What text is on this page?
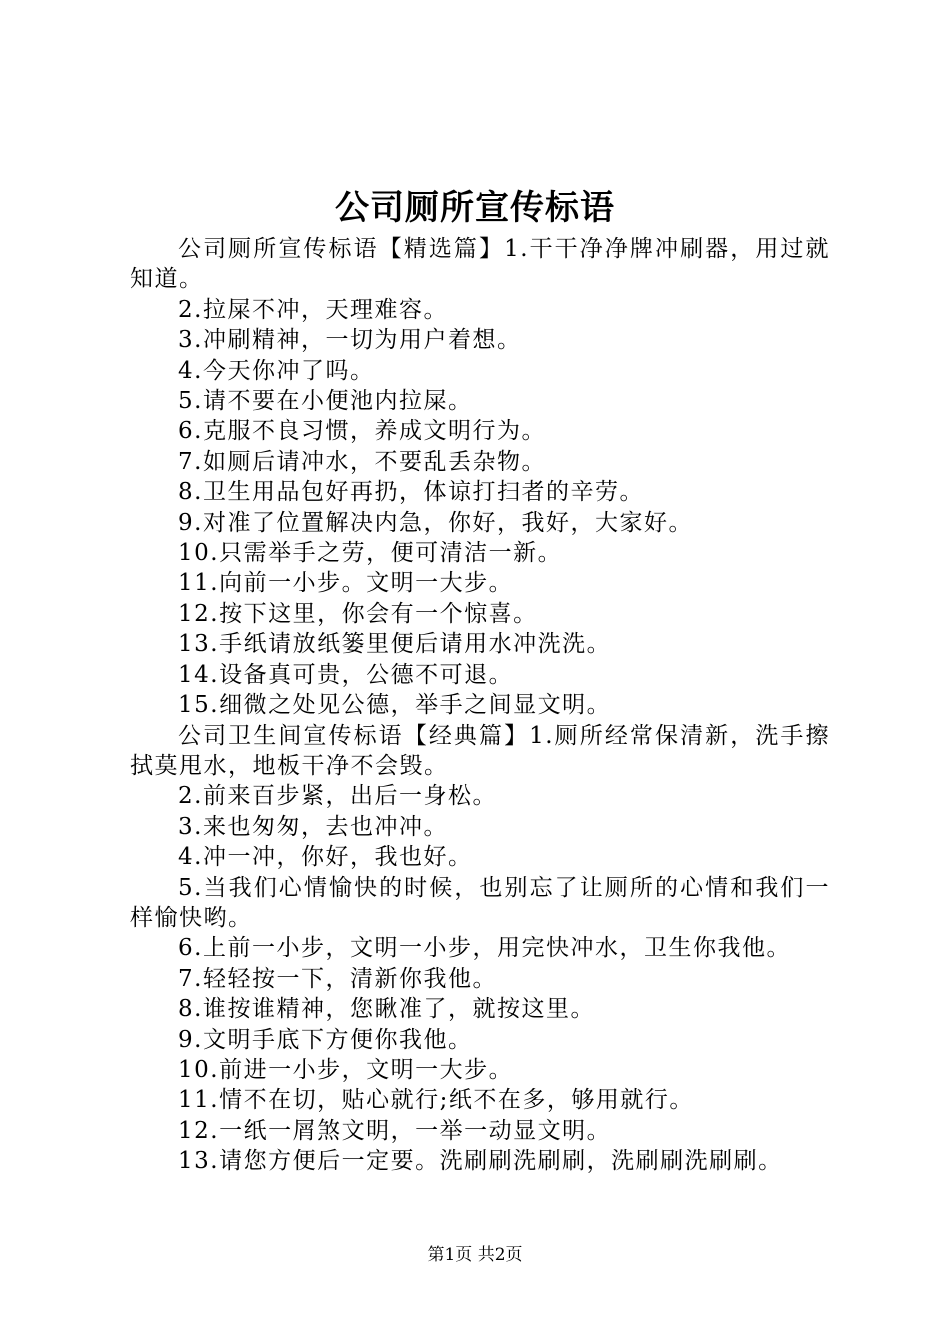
公司厕所宣传标语

公司厕所宣传标语【精选篇】1.干干净净牌冲刷器，用过就知道。

2.拉屎不冲，天理难容。

3.冲刷精神，一切为用户着想。

4.今天你冲了吗。

5.请不要在小便池内拉屎。

6.克服不良习惯，养成文明行为。

7.如厕后请冲水，不要乱丢杂物。

8.卫生用品包好再扔，体谅打扫者的辛劳。

9.对准了位置解决内急，你好，我好，大家好。

10.只需举手之劳，便可清洁一新。

11.向前一小步。文明一大步。

12.按下这里，你会有一个惊喜。

13.手纸请放纸篓里便后请用水冲洗洗。

14.设备真可贵，公德不可退。

15.细微之处见公德，举手之间显文明。

公司卫生间宣传标语【经典篇】1.厕所经常保清新，洗手擦拭莫甩水，地板干净不会毁。

2.前来百步紧，出后一身松。

3.来也匆匆，去也冲冲。

4.冲一冲，你好，我也好。

5.当我们心情愉快的时候，也别忘了让厕所的心情和我们一样愉快哟。

6.上前一小步，文明一小步，用完快冲水，卫生你我他。

7.轻轻按一下，清新你我他。

8.谁按谁精神，您瞅准了，就按这里。

9.文明手底下方便你我他。

10.前进一小步，文明一大步。

11.情不在切，贴心就行;纸不在多，够用就行。

12.一纸一屑煞文明，一举一动显文明。

13.请您方便后一定要。洗刷刷洗刷刷，洗刷刷洗刷刷。

第1页 共2页
